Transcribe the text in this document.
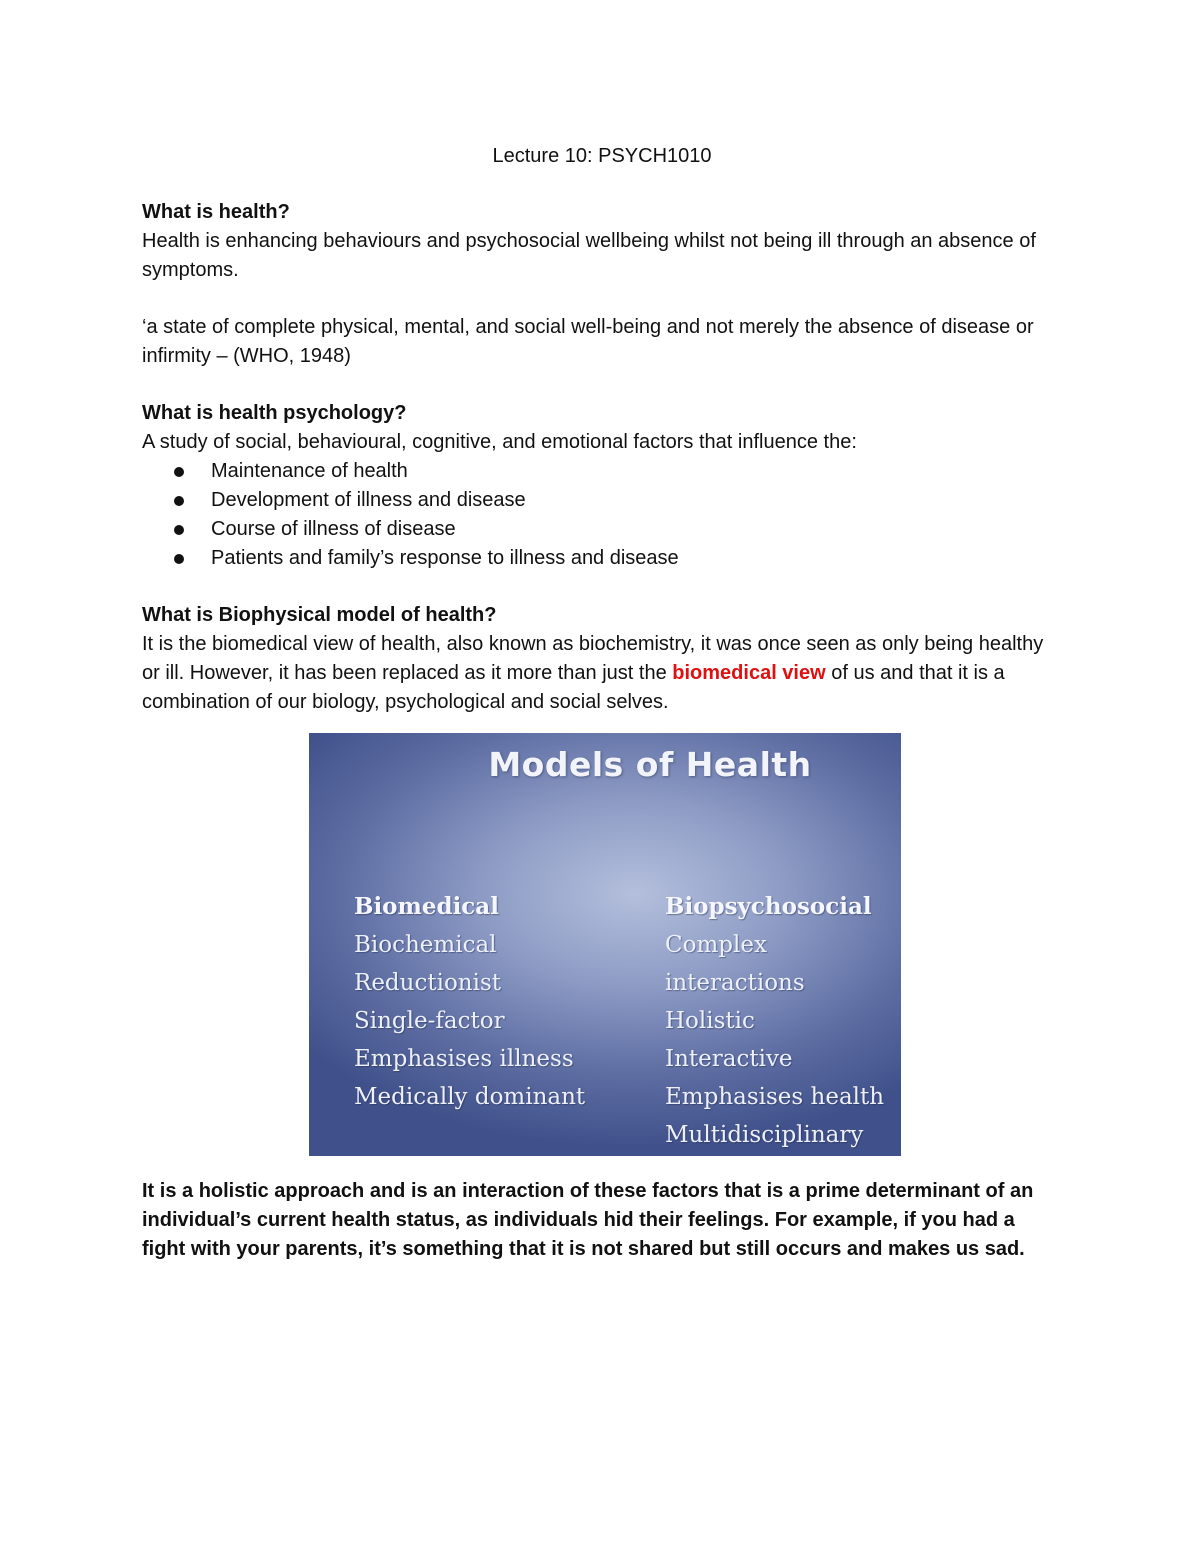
Lecture 10: PSYCH1010

What is health?

Health is enhancing behaviours and psychosocial wellbeing whilst not being ill through an absence of symptoms.

‘a state of complete physical, mental, and social well-being and not merely the absence of disease or infirmity – (WHO, 1948)

What is health psychology?

A study of social, behavioural, cognitive, and emotional factors that influence the:

Maintenance of health
Development of illness and disease
Course of illness of disease
Patients and family’s response to illness and disease

What is Biophysical model of health?

It is the biomedical view of health, also known as biochemistry, it was once seen as only being healthy or ill. However, it has been replaced as it more than just the biomedical view of us and that it is a combination of our biology, psychological and social selves.

Models of Health
Biomedical
Biochemical
Reductionist
Single-factor
Emphasises illness
Medically dominant
Biopsychosocial
Complex interactions
Holistic
Interactive
Emphasises health
Multidisciplinary

It is a holistic approach and is an interaction of these factors that is a prime determinant of an individual’s current health status, as individuals hid their feelings. For example, if you had a fight with your parents, it’s something that it is not shared but still occurs and makes us sad.
